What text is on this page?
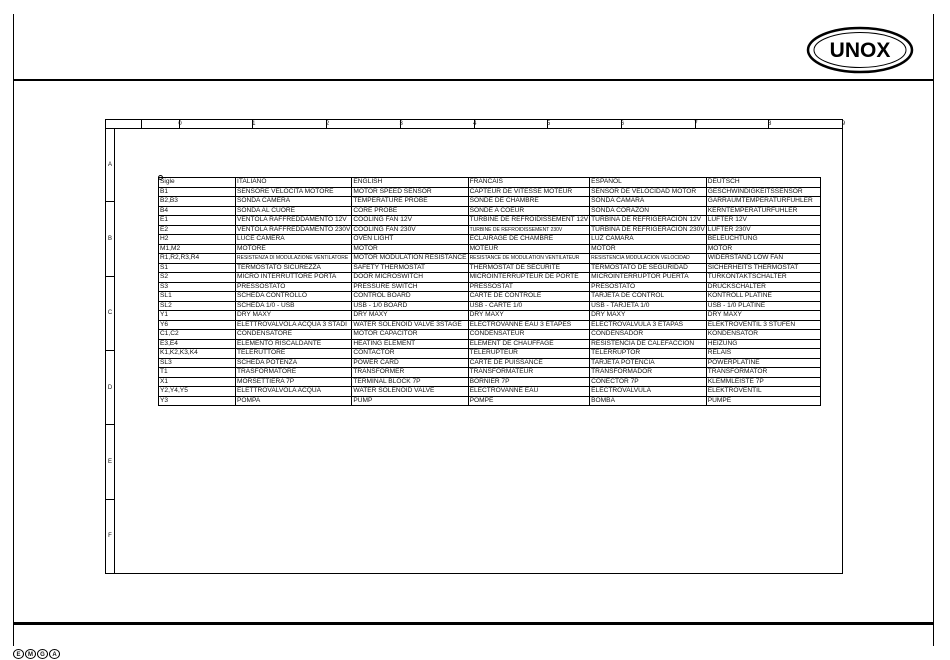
UNOX
E	M	G	A
0	1	2	3	4	5	6	7	8	9
A
B
C
D
E
F
Sigle	ITALIANO	ENGLISH	FRANCAIS	ESPAÑOL	DEUTSCH
B1	SENSORE VELOCITA MOTORE	MOTOR SPEED SENSOR	CAPTEUR DE VITESSE MOTEUR	SENSOR DE VELOCIDAD MOTOR	GESCHWINDIGKEITSSENSOR
B2,B3	SONDA CAMERA	TEMPERATURE PROBE	SONDE DE CHAMBRE	SONDA CAMARA	GARRAUMTEMPERATURFUHLER
B4	SONDA AL CUORE	CORE PROBE	SONDE A COEUR	SONDA CORAZON	KERNTEMPERATURFUHLER
E1	VENTOLA RAFFREDDAMENTO 12V	COOLING FAN 12V	TURBINE DE REFROIDISSEMENT 12V	TURBINA DE REFRIGERACION 12V	LÜFTER 12V
E2	VENTOLA RAFFREDDAMENTO 230V	COOLING FAN 230V	TURBINE DE REFROIDISSEMENT 230V	TURBINA DE REFRIGERACION 230V	LÜFTER 230V
H2	LUCE CAMERA	OVEN LIGHT	ECLAIRAGE DE CHAMBRE	LUZ CAMARA	BELEUCHTUNG
M1,M2	MOTORE	MOTOR	MOTEUR	MOTOR	MOTOR
R1,R2,R3,R4	RESISTENZA DI MODULAZIONE VENTILATORE	MOTOR MODULATION RESISTANCE	RESISTANCE DE MODULATION VENTILATEUR	RESISTENCIA MODULACION VELOCIDAD	WIDERSTAND LOW FAN
S1	TERMOSTATO SICUREZZA	SAFETY THERMOSTAT	THERMOSTAT DE SECURITE	TERMOSTATO DE SEGURIDAD	SICHERHEITS THERMOSTAT
S2	MICRO INTERRUTTORE PORTA	DOOR MICROSWITCH	MICROINTERRUPTEUR DE PORTE	MICROINTERRUPTOR PUERTA	TURKONTAKTSCHALTER
S3	PRESSOSTATO	PRESSURE SWITCH	PRESSOSTAT	PRESÓSTATO	DRUCKSCHALTER
SL1	SCHEDA CONTROLLO	CONTROL BOARD	CARTE DE CONTROLE	TARJETA DE CONTROL	KONTROLL PLATINE
SL2	SCHEDA 1/0 - USB	USB - 1/0 BOARD	USB - CARTE 1/0	USB - TARJETA 1/0	USB - 1/0 PLATINE
Y1	DRY MAXY	DRY MAXY	DRY MAXY	DRY MAXY	DRY MAXY
Y6	ELETTROVALVOLA ACQUA 3 STADI	WATER SOLENOID VALVE 3STAGE	ELECTROVANNE EAU 3 ÉTAPES	ELECTROVALVULA 3 ETAPAS	ELEKTROVENTIL 3 STUFEN
C1,C2	CONDENSATORE	MOTOR CAPACITOR	CONDENSATEUR	CONDENSADOR	KONDENSATOR
E3,E4	ELEMENTO RISCALDANTE	HEATING ELEMENT	ELEMENT DE CHAUFFAGE	RESISTENCIA DE CALEFACCIÓN	HEIZUNG
K1,K2,K3,K4	TELERUTTORE	CONTACTOR	TELERUPTEUR	TELERRUPTOR	RELAIS
SL3	SCHEDA POTENZA	POWER CARD	CARTE DE PUISSANCE	TARJETA POTENCIA	POWERPLATINE
T1	TRASFORMATORE	TRANSFORMER	TRANSFORMATEUR	TRANSFORMADOR	TRANSFORMATOR
X1	MORSETTIERA 7P	TERMINAL BLOCK 7P	BORNIER 7P	CONECTOR 7P	KLEMMLEISTE 7P
Y2,Y4,Y5	ELETTROVALVOLA ACQUA	WATER SOLENOID VALVE	ELECTROVANNE EAU	ELECTROVALVULA	ELEKTROVENTIL
Y3	POMPA	PUMP	POMPE	BOMBA	PUMPE
